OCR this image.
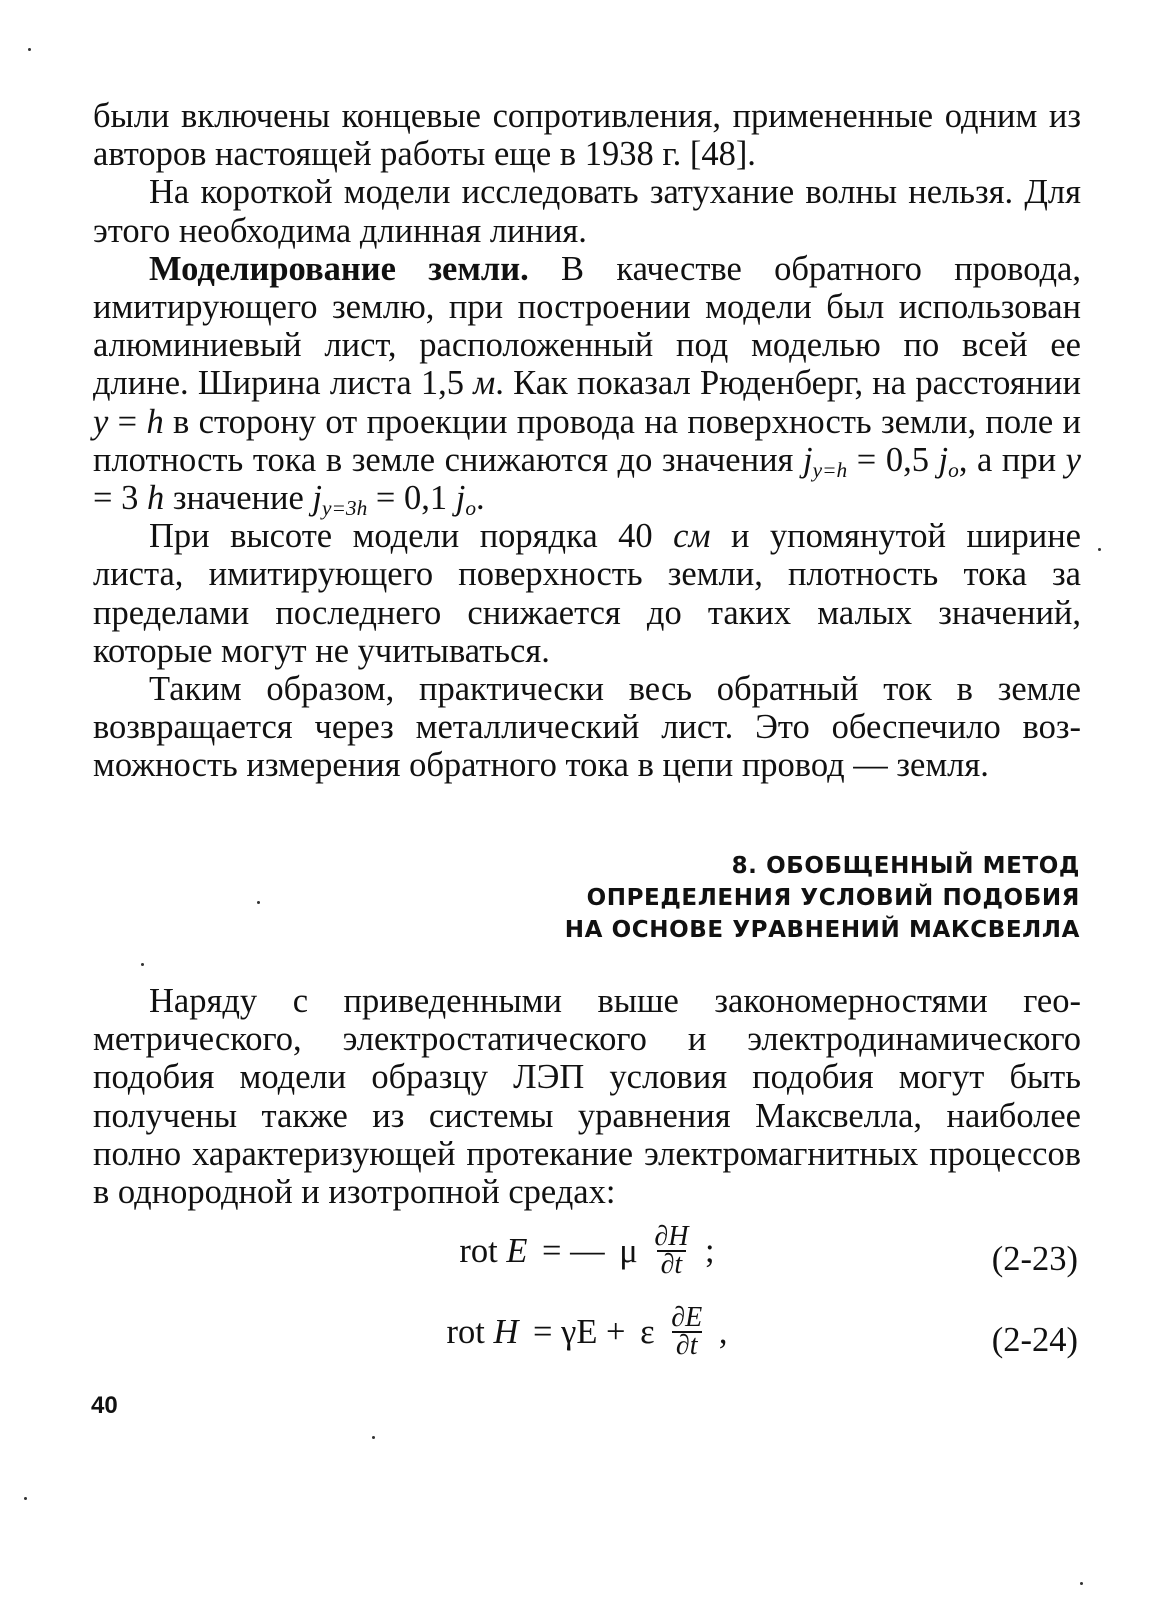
были включены концевые сопротивления, примененные одним из авторов настоящей работы еще в 1938 г. [48].

На короткой модели исследовать затухание волны нельзя. Для этого необходима длинная линия.

Моделирование земли. В качестве обратного провода, имитирующего землю, при построении модели был использован алюминиевый лист, расположенный под моделью по всей ее длине. Ширина листа 1,5 м. Как показал Рюденберг, на расстоянии y = h в сторону от проекции провода на поверхность земли, поле и плотность тока в земле снижаются до значения $j_{y=h} = 0,5$ $j_o$, а при y = 3 h значение $j_{y=3h} = 0,1$ $j_o$.

При высоте модели порядка 40 см и упомянутой ширине листа, имитирующего поверхность земли, плотность тока за пределами последнего снижается до таких малых значений, которые могут не учитываться.

Таким образом, практически весь обратный ток в земле возвращается через металлический лист. Это обеспечило возможность измерения обратного тока в цепи провод — земля.

8. ОБОБЩЕННЫЙ МЕТОД
ОПРЕДЕЛЕНИЯ УСЛОВИЙ ПОДОБИЯ
НА ОСНОВЕ УРАВНЕНИЙ МАКСВЕЛЛА

Наряду с приведенными выше закономерностями геометрического, электростатического и электродинамического подобия модели образцу ЛЭП условия подобия могут быть получены также из системы уравнения Максвелла, наиболее полно характеризующей протекание электромагнитных процессов в однородной и изотропной средах:

rot E = — μ $\frac{\partial H}{\partial t}$ ;	(2-23)
rot H = γE + ε $\frac{\partial E}{\partial t}$ ,	(2-24)
40
